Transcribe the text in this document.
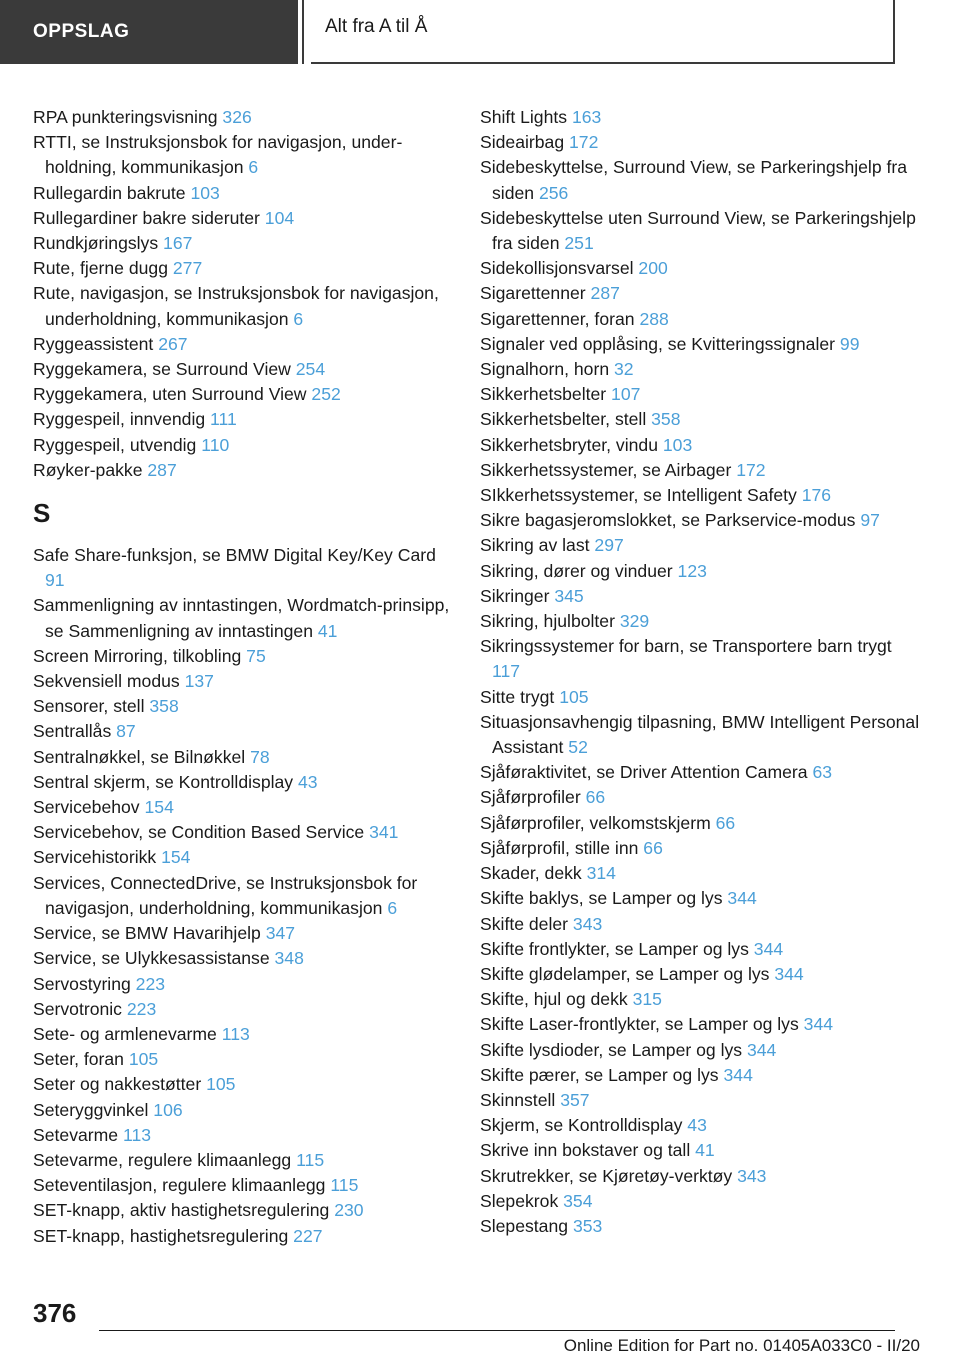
OPPSLAG	Alt fra A til Å
RPA punkteringsvisning 326
RTTI, se Instruksjonsbok for navigasjon, underholdning, kommunikasjon 6
Rullegardin bakrute 103
Rullegardiner bakre sideruter 104
Rundkjøringslys 167
Rute, fjerne dugg 277
Rute, navigasjon, se Instruksjonsbok for navigasjon, underholdning, kommunikasjon 6
Ryggeassistent 267
Ryggekamera, se Surround View 254
Ryggekamera, uten Surround View 252
Ryggespeil, innvendig 111
Ryggespeil, utvendig 110
Røyker-pakke 287
S
Safe Share-funksjon, se BMW Digital Key/Key Card 91
Sammenligning av inntastingen, Wordmatch-prinsipp, se Sammenligning av inntastingen 41
Screen Mirroring, tilkobling 75
Sekvensiell modus 137
Sensorer, stell 358
Sentrallås 87
Sentralnøkkel, se Bilnøkkel 78
Sentral skjerm, se Kontrolldisplay 43
Servicebehov 154
Servicebehov, se Condition Based Service 341
Servicehistorikk 154
Services, ConnectedDrive, se Instruksjonsbok for navigasjon, underholdning, kommunikasjon 6
Service, se BMW Havarihjelp 347
Service, se Ulykkesassistanse 348
Servostyring 223
Servotronic 223
Sete- og armlenevarme 113
Seter, foran 105
Seter og nakkestøtter 105
Seteryggvinkel 106
Setevarme 113
Setevarme, regulere klimaanlegg 115
Seteventilasjon, regulere klimaanlegg 115
SET-knapp, aktiv hastighetsregulering 230
SET-knapp, hastighetsregulering 227
Shift Lights 163
Sideairbag 172
Sidebeskyttelse, Surround View, se Parkeringshjelp fra siden 256
Sidebeskyttelse uten Surround View, se Parkeringshjelp fra siden 251
Sidekollisjonsvarsel 200
Sigarettenner 287
Sigarettenner, foran 288
Signaler ved opplåsing, se Kvitteringssignaler 99
Signalhorn, horn 32
Sikkerhetsbelter 107
Sikkerhetsbelter, stell 358
Sikkerhetsbryter, vindu 103
Sikkerhetssystemer, se Airbager 172
SIkkerhetssystemer, se Intelligent Safety 176
Sikre bagasjeromslokket, se Parkservice-modus 97
Sikring av last 297
Sikring, dører og vinduer 123
Sikringer 345
Sikring, hjulbolter 329
Sikringssystemer for barn, se Transportere barn trygt 117
Sitte trygt 105
Situasjonsavhengig tilpasning, BMW Intelligent Personal Assistant 52
Sjåføraktivitet, se Driver Attention Camera 63
Sjåførprofiler 66
Sjåførprofiler, velkomstskjerm 66
Sjåførprofil, stille inn 66
Skader, dekk 314
Skifte baklys, se Lamper og lys 344
Skifte deler 343
Skifte frontlykter, se Lamper og lys 344
Skifte glødelamper, se Lamper og lys 344
Skifte, hjul og dekk 315
Skifte Laser-frontlykter, se Lamper og lys 344
Skifte lysdioder, se Lamper og lys 344
Skifte pærer, se Lamper og lys 344
Skinnstell 357
Skjerm, se Kontrolldisplay 43
Skrive inn bokstaver og tall 41
Skrutrekker, se Kjøretøy-verktøy 343
Slepekrok 354
Slepestang 353
376
Online Edition for Part no. 01405A033C0 - II/20
